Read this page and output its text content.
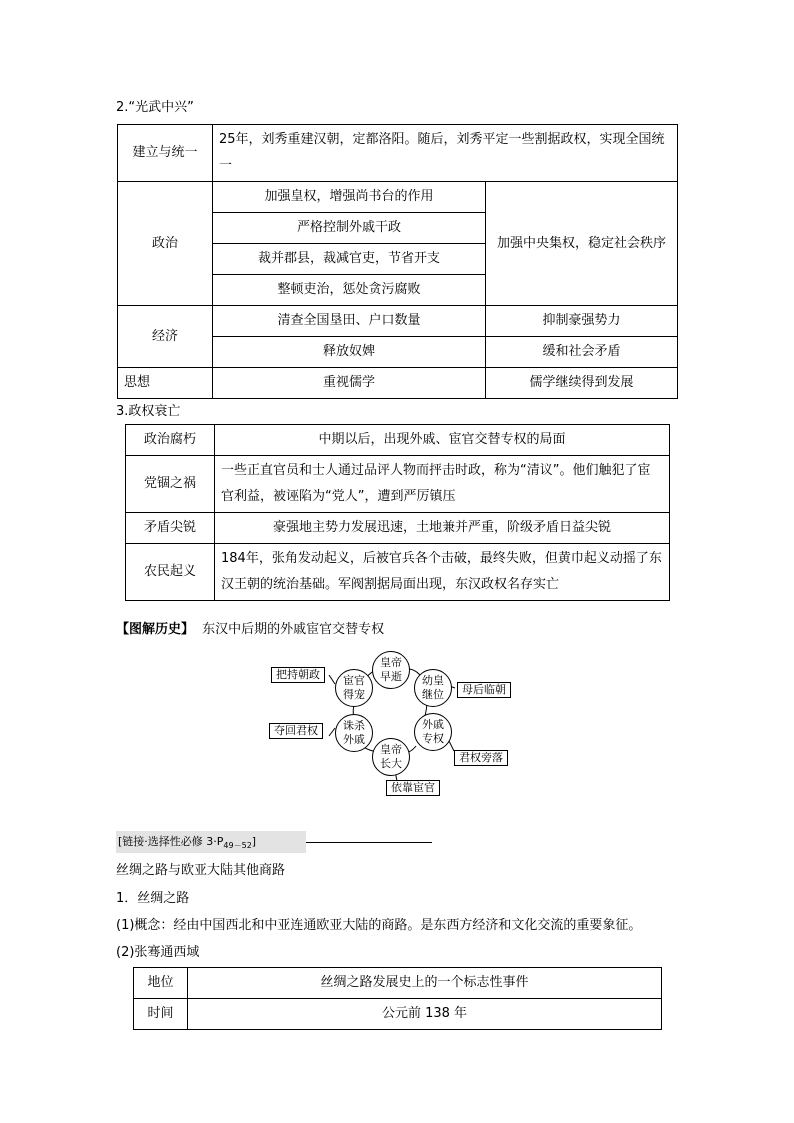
2.“光武中兴”
建立与统一	25年，刘秀重建汉朝，定都洛阳。随后，刘秀平定一些割据政权，实现全国统一	
政治	加强皇权，增强尚书台的作用	加强中央集权，稳定社会秩序
	严格控制外戚干政	
	裁并郡县，裁减官吏，节省开支	
	整顿吏治，惩处贪污腐败	
经济	清查全国垦田、户口数量	抑制豪强势力
	释放奴婢	缓和社会矛盾
思想	重视儒学	儒学继续得到发展
3.政权衰亡
政治腐朽	中期以后，出现外戚、宦官交替专权的局面
党锢之祸	一些正直官员和士人通过品评人物而抨击时政，称为“清议”。他们触犯了宦官利益，被诬陷为“党人”，遭到严厉镇压
矛盾尖锐	豪强地主势力发展迅速，土地兼并严重，阶级矛盾日益尖锐
农民起义	184年，张角发动起义，后被官兵各个击破，最终失败，但黄巾起义动摇了东汉王朝的统治基础。军阀割据局面出现，东汉政权名存实亡
【图解历史】 东汉中后期的外戚宦官交替专权
皇帝早逝 幼皇继位
外戚专权
皇帝长大
诛杀外戚
宦官得宠	母后临朝
君权旁落
依靠宦官
夺回君权
把持朝政
[链接·选择性必修 $3\cdot P_{49-52}$]
丝绸之路与欧亚大陆其他商路
1．丝绸之路
(1)概念：经由中国西北和中亚连通欧亚大陆的商路。是东西方经济和文化交流的重要象征。
(2)张骞通西域
地位	丝绸之路发展史上的一个标志性事件
时间	公元前 138 年
